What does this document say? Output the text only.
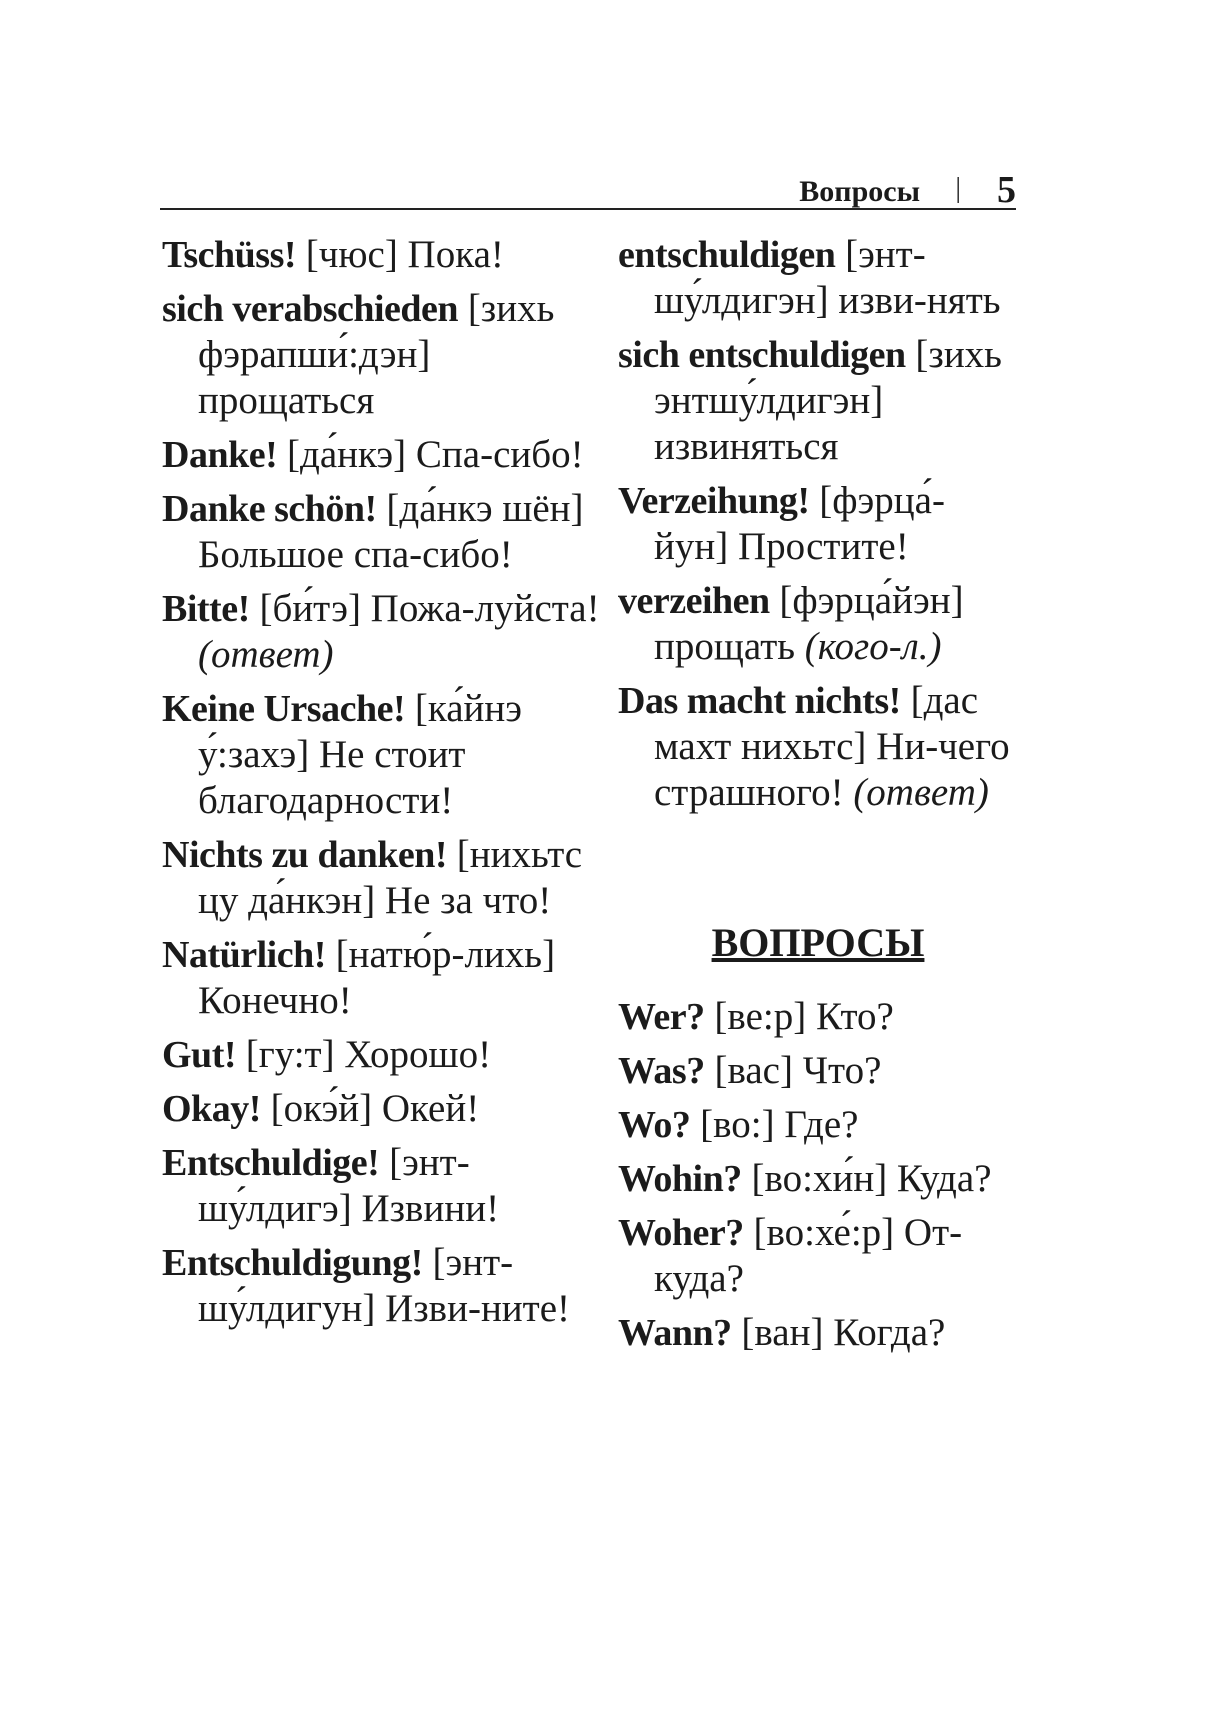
Вопросы | 5

Tschüss! [чюс] Пока!

sich verabschieden [зихь фэрапши́:дэн] прощаться

Danke! [да́нкэ] Спа-сибо!

Danke schön! [да́нкэ шён] Большое спа-сибо!

Bitte! [би́тэ] Пожа-луйста! (ответ)

Keine Ursache! [ка́йнэ у́:захэ] Не стоит благодарности!

Nichts zu danken! [нихьтс цу да́нкэн] Не за что!

Natürlich! [натю́р-лихь] Конечно!

Gut! [гу:т] Хорошо!

Okay! [окэ́й] Окей!

Entschuldige! [энт-шу́лдигэ] Извини!

Entschuldigung! [энт-шу́лдигун] Изви-ните!

entschuldigen [энт-шу́лдигэн] изви-нять

sich entschuldigen [зихь энтшу́лдигэн] извиняться

Verzeihung! [фэрца́-йун] Простите!

verzeihen [фэрца́йэн] прощать (кого-л.)

Das macht nichts! [дас махт нихьтс] Ни-чего страшного! (ответ)

ВОПРОСЫ

Wer? [ве:р] Кто?

Was? [вас] Что?

Wo? [во:] Где?

Wohin? [во:хи́н] Куда?

Woher? [во:хе́:р] От-куда?

Wann? [ван] Когда?
